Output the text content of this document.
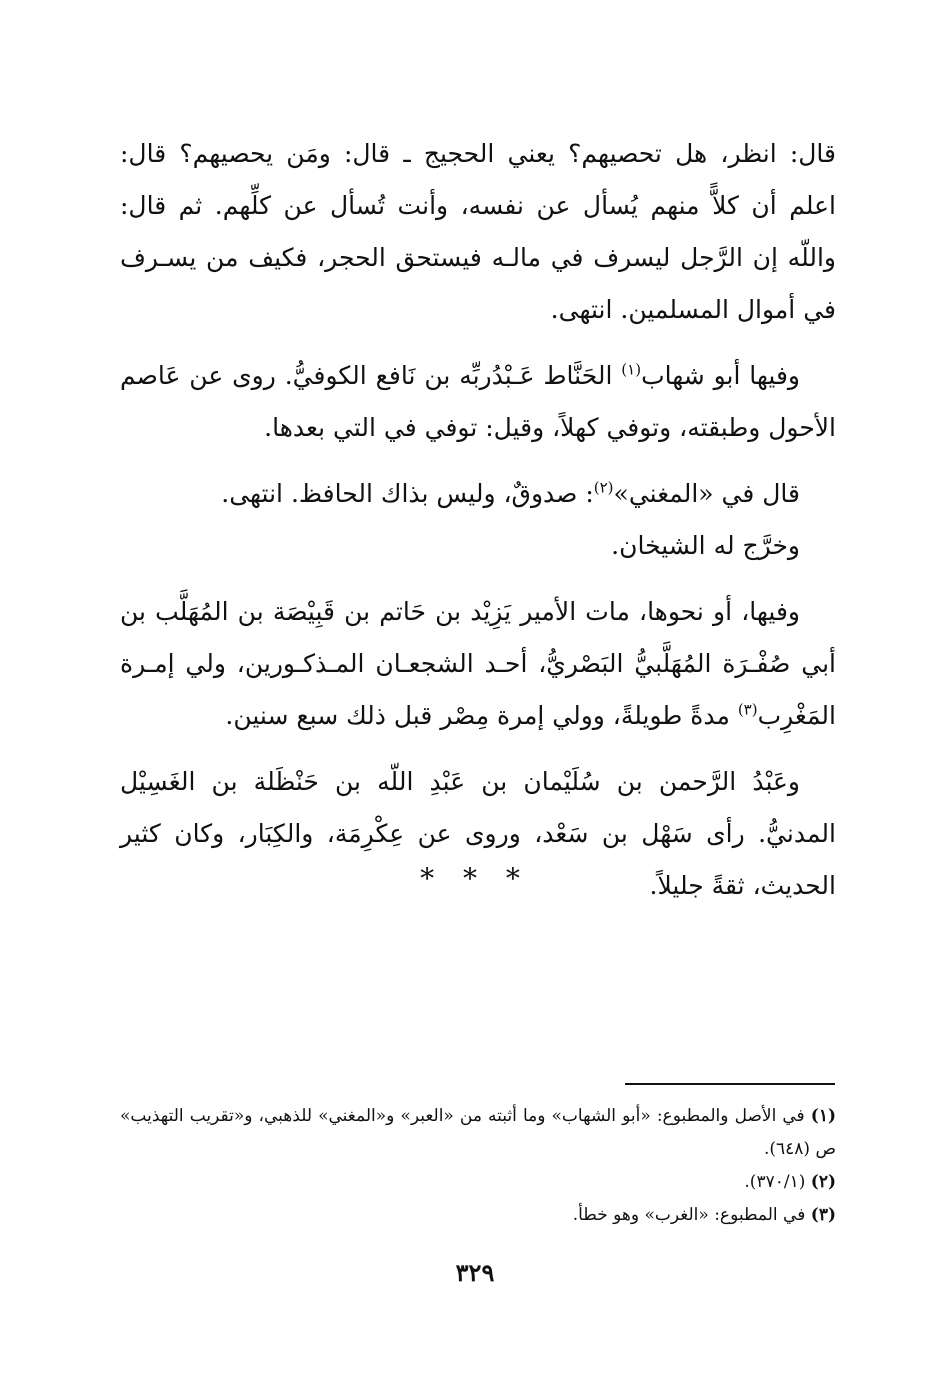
قال: انظر، هل تحصيهم؟ يعني الحجيج ـ قال: ومَن يحصيهم؟ قال: اعلم أن كلاًّ منهم يُسأل عن نفسه، وأنت تُسأل عن كلِّهم. ثم قال: واللّه إن الرَّجل ليسرف في مالـه فيستحق الحجر، فكيف من يسـرف في أموال المسلمين. انتهى.

وفيها أبو شهاب$^{(١)}$ الحَنَّاط عَـبْدُربِّه بن نَافع الكوفيُّ. روى عن عَاصم الأحول وطبقته، وتوفي كهلاً، وقيل: توفي في التي بعدها.

قال في «المغني»$^{(٢)}$: صدوقٌ، وليس بذاك الحافظ. انتهى.

وخرَّج له الشيخان.

وفيها، أو نحوها، مات الأمير يَزِيْد بن حَاتم بن قَبِيْصَة بن المُهَلَّب بن أبي صُفْـرَة المُهَلَّبيُّ البَصْريُّ، أحـد الشجعـان المـذكـورين، ولي إمـرة المَغْرِب$^{(٣)}$ مدةً طويلةً، وولي إمرة مِصْر قبل ذلك سبع سنين.

وعَبْدُ الرَّحمن بن سُلَيْمان بن عَبْدِ اللّه بن حَنْظَلة بن الغَسِيْل المدنيُّ. رأى سَهْل بن سَعْد، وروى عن عِكْرِمَة، والكِبَار، وكان كثير الحديث، ثقةً جليلاً.

* * *

(١) في الأصل والمطبوع: «أبو الشهاب» وما أثبته من «العبر» و«المغني» للذهبي، و«تقريب التهذيب» ص (٦٤٨).

(٢) (٣٧٠/١).

(٣) في المطبوع: «الغرب» وهو خطأ.

٣٢٩
